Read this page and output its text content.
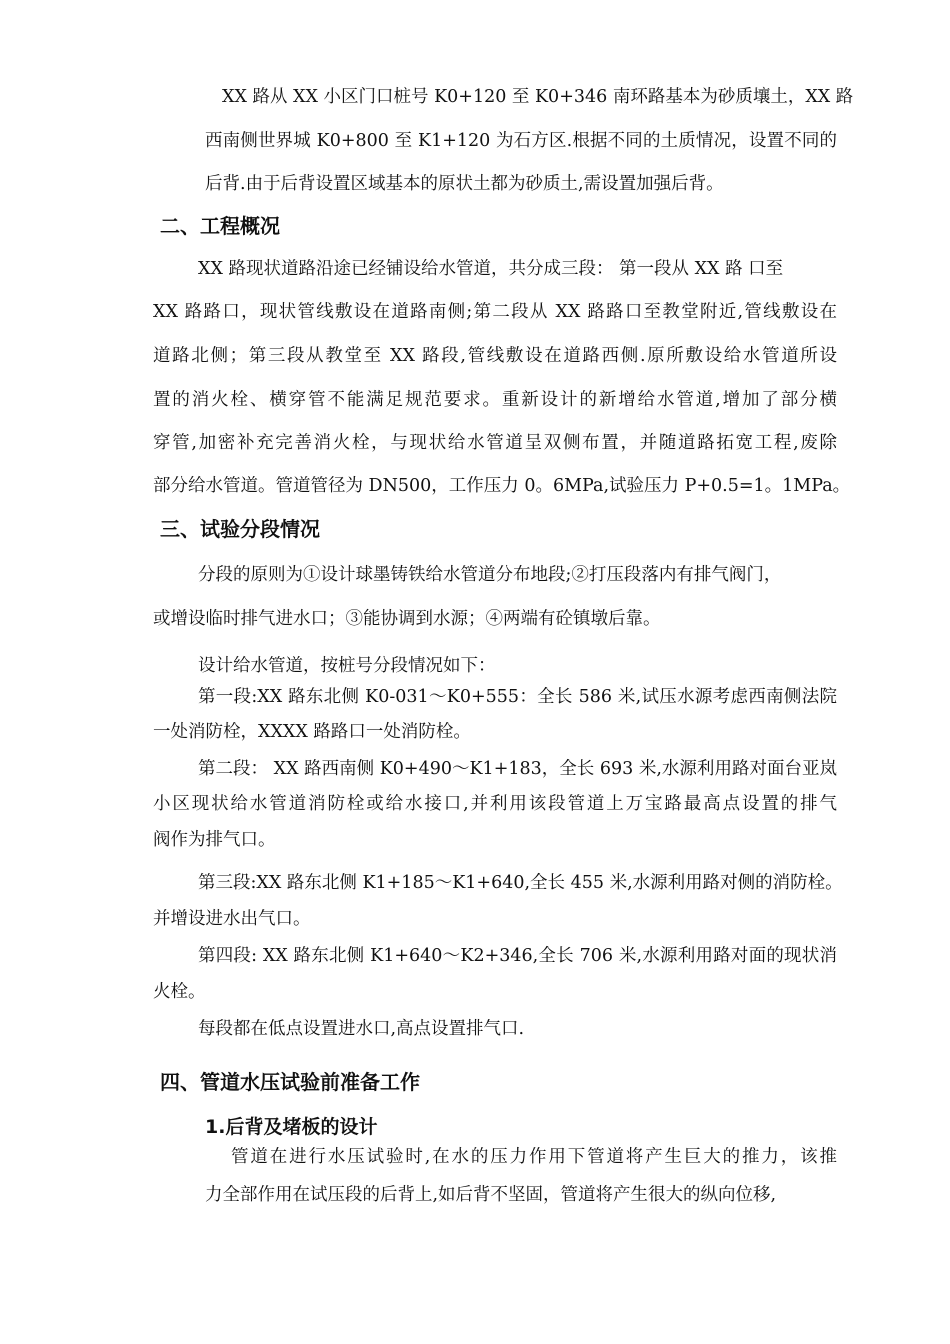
XX 路从 XX 小区门口桩号 K0+120 至 K0+346 南环路基本为砂质壤土，XX 路
西南侧世界城 K0+800 至 K1+120 为石方区.根据不同的土质情况，设置不同的
后背.由于后背设置区域基本的原状土都为砂质土,需设置加强后背。
二、工程概况
XX 路现状道路沿途已经铺设给水管道，共分成三段： 第一段从 XX 路 口至
XX 路路口，现状管线敷设在道路南侧;第二段从 XX 路路口至教堂附近,管线敷设在
道路北侧；第三段从教堂至 XX 路段,管线敷设在道路西侧.原所敷设给水管道所设
置的消火栓、横穿管不能满足规范要求。重新设计的新增给水管道,增加了部分横
穿管,加密补充完善消火栓，与现状给水管道呈双侧布置，并随道路拓宽工程,废除
部分给水管道。管道管径为 DN500，工作压力 0。6MPa,试验压力 P+0.5=1。1MPa。
三、试验分段情况
分段的原则为①设计球墨铸铁给水管道分布地段;②打压段落内有排气阀门，
或增设临时排气进水口；③能协调到水源；④两端有砼镇墩后靠。
设计给水管道，按桩号分段情况如下：
第一段:XX 路东北侧 K0-031～K0+555：全长 586 米,试压水源考虑西南侧法院
一处消防栓，XXXX 路路口一处消防栓。
第二段： XX 路西南侧 K0+490～K1+183，全长 693 米,水源利用路对面台亚岚
小区现状给水管道消防栓或给水接口,并利用该段管道上万宝路最高点设置的排气
阀作为排气口。
第三段:XX 路东北侧 K1+185～K1+640,全长 455 米,水源利用路对侧的消防栓。
并增设进水出气口。
第四段: XX 路东北侧 K1+640～K2+346,全长 706 米,水源利用路对面的现状消
火栓。
每段都在低点设置进水口,高点设置排气口.
四、管道水压试验前准备工作
1.后背及堵板的设计
管道在进行水压试验时,在水的压力作用下管道将产生巨大的推力，该推
力全部作用在试压段的后背上,如后背不坚固，管道将产生很大的纵向位移,
